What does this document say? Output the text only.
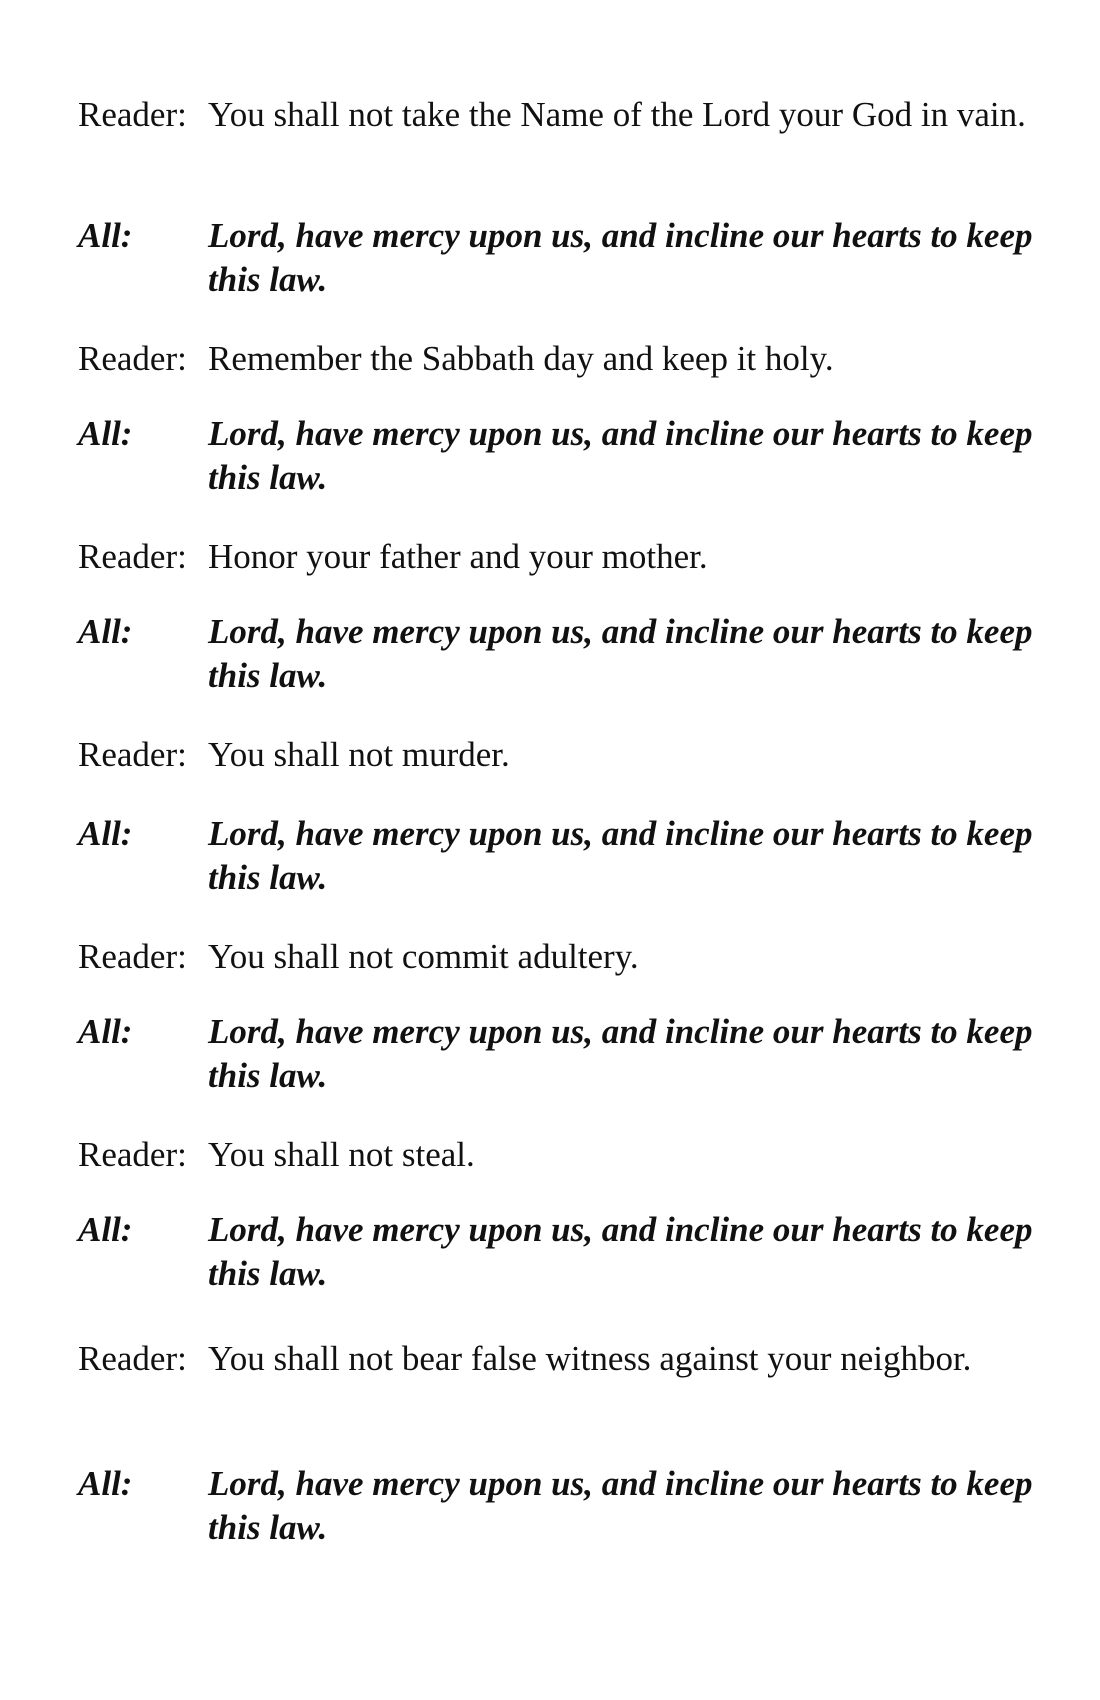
Reader: You shall not take the Name of the Lord your God in vain.
All:	Lord, have mercy upon us, and incline our hearts to keep this law.
Reader: Remember the Sabbath day and keep it holy.
All:	Lord, have mercy upon us, and incline our hearts to keep this law.
Reader: Honor your father and your mother.
All:	Lord, have mercy upon us, and incline our hearts to keep this law.
Reader: You shall not murder.
All:	Lord, have mercy upon us, and incline our hearts to keep this law.
Reader: You shall not commit adultery.
All:	Lord, have mercy upon us, and incline our hearts to keep this law.
Reader: You shall not steal.
All:	Lord, have mercy upon us, and incline our hearts to keep this law.
Reader: You shall not bear false witness against your neighbor.
All:	Lord, have mercy upon us, and incline our hearts to keep this law.
